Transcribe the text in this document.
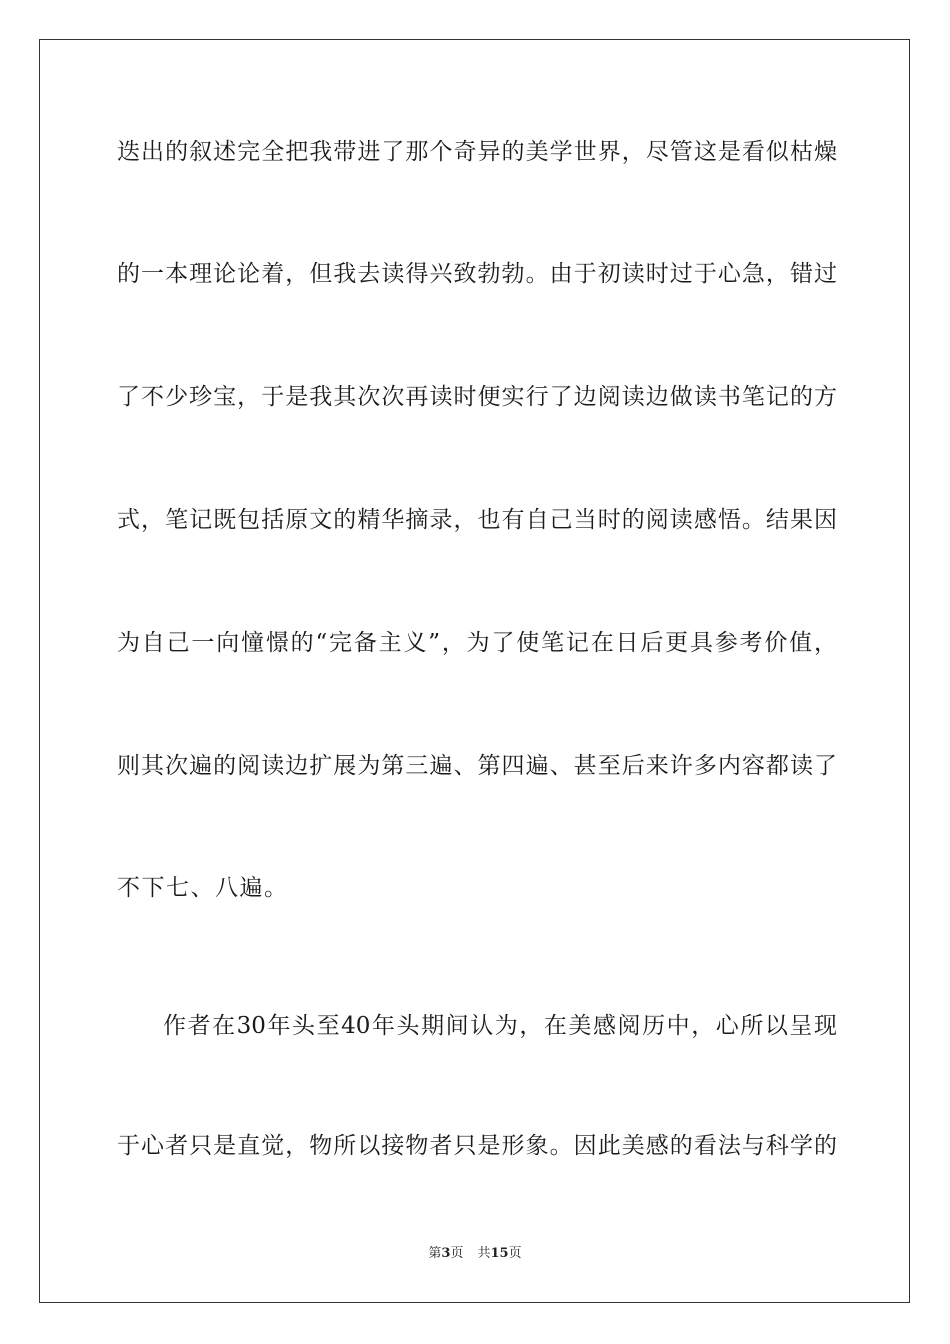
迭出的叙述完全把我带进了那个奇异的美学世界，尽管这是看似枯燥
的一本理论论着，但我去读得兴致勃勃。由于初读时过于心急，错过
了不少珍宝，于是我其次次再读时便实行了边阅读边做读书笔记的方
式，笔记既包括原文的精华摘录，也有自己当时的阅读感悟。结果因
为自己一向憧憬的“完备主义”，为了使笔记在日后更具参考价值，
则其次遍的阅读边扩展为第三遍、第四遍、甚至后来许多内容都读了
不下七、八遍。
作者在30年头至40年头期间认为，在美感阅历中，心所以呈现
于心者只是直觉，物所以接物者只是形象。因此美感的看法与科学的
第3页 共15页
